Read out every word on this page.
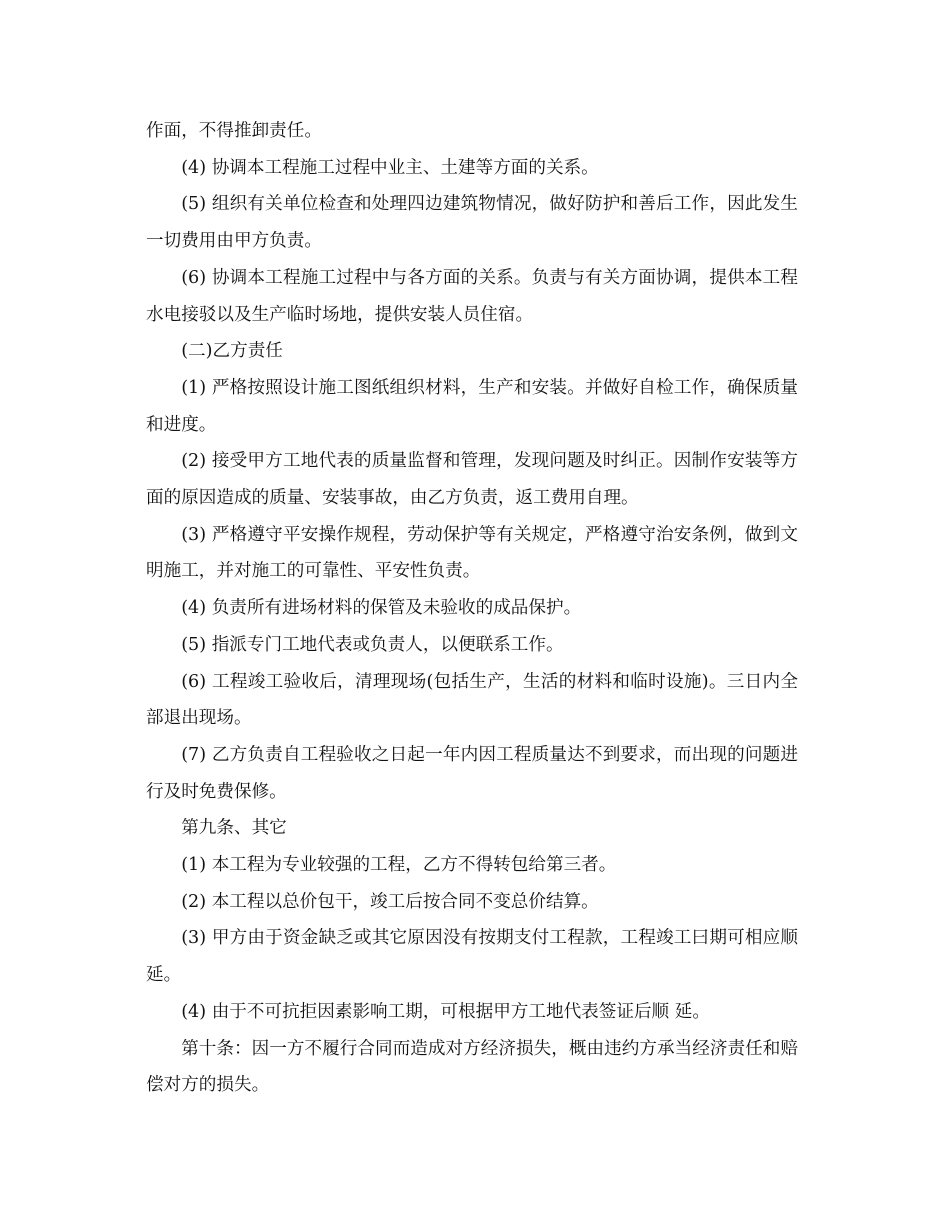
作面，不得推卸责任。

(4) 协调本工程施工过程中业主、土建等方面的关系。

(5) 组织有关单位检查和处理四边建筑物情况，做好防护和善后工作，因此发生一切费用由甲方负责。

(6) 协调本工程施工过程中与各方面的关系。负责与有关方面协调，提供本工程水电接驳以及生产临时场地，提供安装人员住宿。

(二)乙方责任

(1) 严格按照设计施工图纸组织材料，生产和安装。并做好自检工作，确保质量和进度。

(2) 接受甲方工地代表的质量监督和管理，发现问题及时纠正。因制作安装等方面的原因造成的质量、安装事故，由乙方负责，返工费用自理。

(3) 严格遵守平安操作规程，劳动保护等有关规定，严格遵守治安条例，做到文明施工，并对施工的可靠性、平安性负责。

(4) 负责所有进场材料的保管及未验收的成品保护。

(5) 指派专门工地代表或负责人，以便联系工作。

(6) 工程竣工验收后，清理现场(包括生产，生活的材料和临时设施)。三日内全部退出现场。

(7) 乙方负责自工程验收之日起一年内因工程质量达不到要求，而出现的问题进行及时免费保修。

第九条、其它

(1) 本工程为专业较强的工程，乙方不得转包给第三者。

(2) 本工程以总价包干，竣工后按合同不变总价结算。

(3) 甲方由于资金缺乏或其它原因没有按期支付工程款，工程竣工曰期可相应顺延。

(4) 由于不可抗拒因素影响工期，可根据甲方工地代表签证后顺 延。

第十条：因一方不履行合同而造成对方经济损失，概由违约方承当经济责任和赔偿对方的损失。
